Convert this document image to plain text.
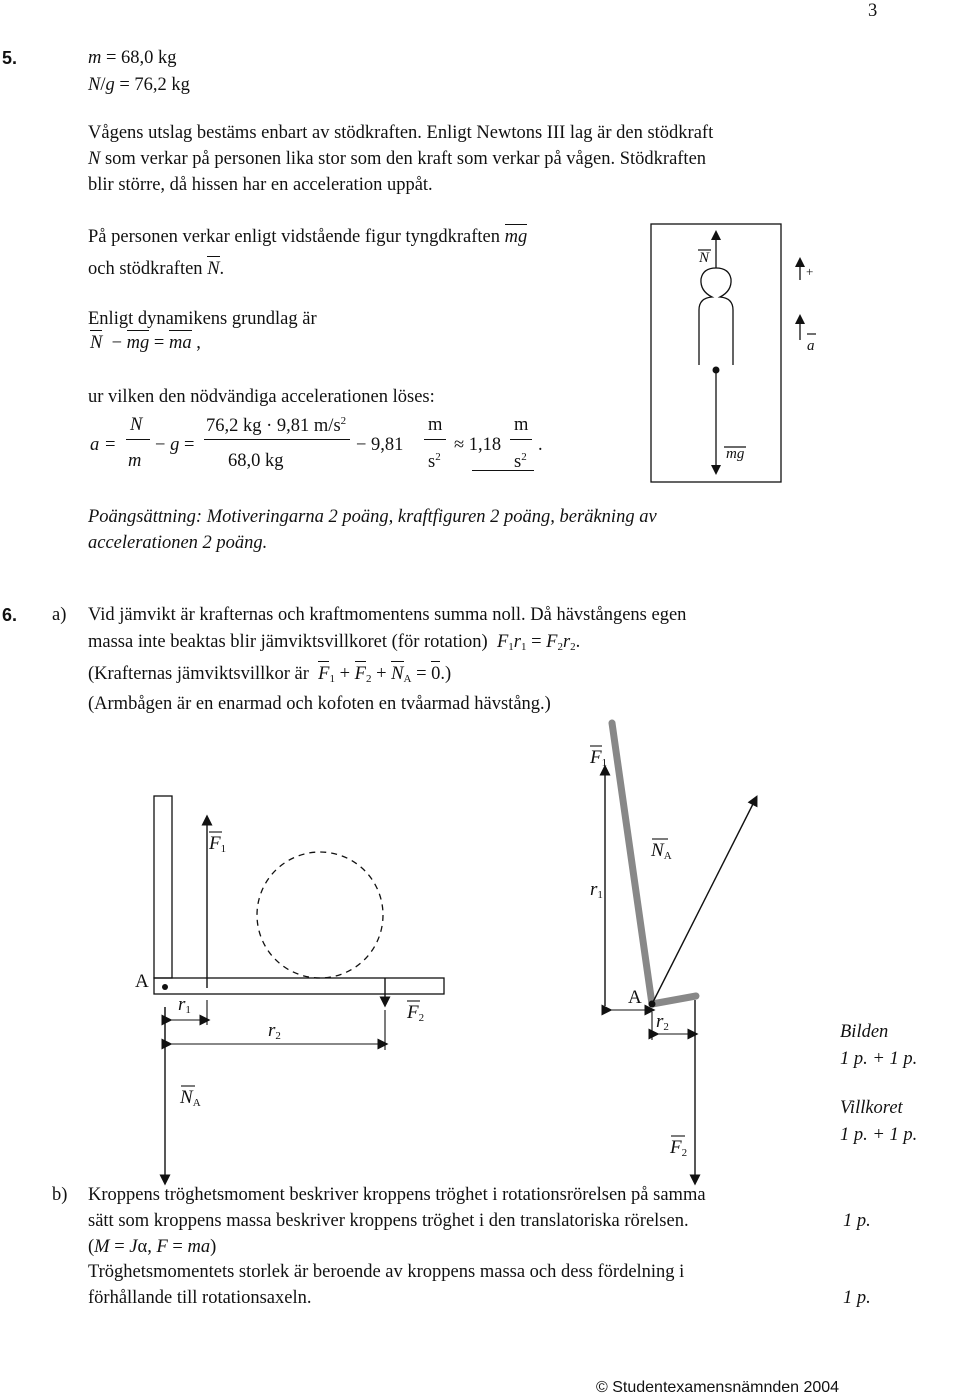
3
5.	m = 68,0 kg
N/g = 76,2 kg
Vågens utslag bestäms enbart av stödkraften. Enligt Newtons III lag är den stödkraft
N som verkar på personen lika stor som den kraft som verkar på vågen. Stödkraften
blir större, då hissen har en acceleration uppåt.
På personen verkar enligt vidstående figur tyngdkraften mg
och stödkraften N.
Enligt dynamikens grundlag är
N  − mg = ma ,
ur vilken den nödvändiga accelerationen löses:
a =
N
m
− g =
76,2 kg · 9,81 $m/s^2$
68,0 kg
− 9,81
m
$s^2$
≈ 1,18
m
$s^2$
.
N
+
a
mg
Poängsättning: Motiveringarna 2 poäng, kraftfiguren 2 poäng, beräkning av
accelerationen 2 poäng.
6. a) Vid jämvikt är krafternas och kraftmomentens summa noll. Då hävstångens egen
massa inte beaktas blir jämviktsvillkoret (för rotation) $F_1r_1 = F_2r_2$.
(Krafternas jämviktsvillkor är $F_1 + F_2 + N_A = 0$.)
(Armbågen är en enarmad och kofoten en tvåarmad hävstång.)
$F_1$
A
$r_1$
$r_2$
$F_2$
$N_A$
$F_1$
$N_A$
$r_1$
A
$r_2$
$F_2$
Bilden
1 p. + 1 p.
Villkoret
1 p. + 1 p.
b) Kroppens tröghetsmoment beskriver kroppens tröghet i rotationsrörelsen på samma
sätt som kroppens massa beskriver kroppens tröghet i den translatoriska rörelsen.	1 p.
(M = Jα, F = ma)
Tröghetsmomentets storlek är beroende av kroppens massa och dess fördelning i
förhållande till rotationsaxeln.	1 p.
© Studentexamensnämnden 2004
